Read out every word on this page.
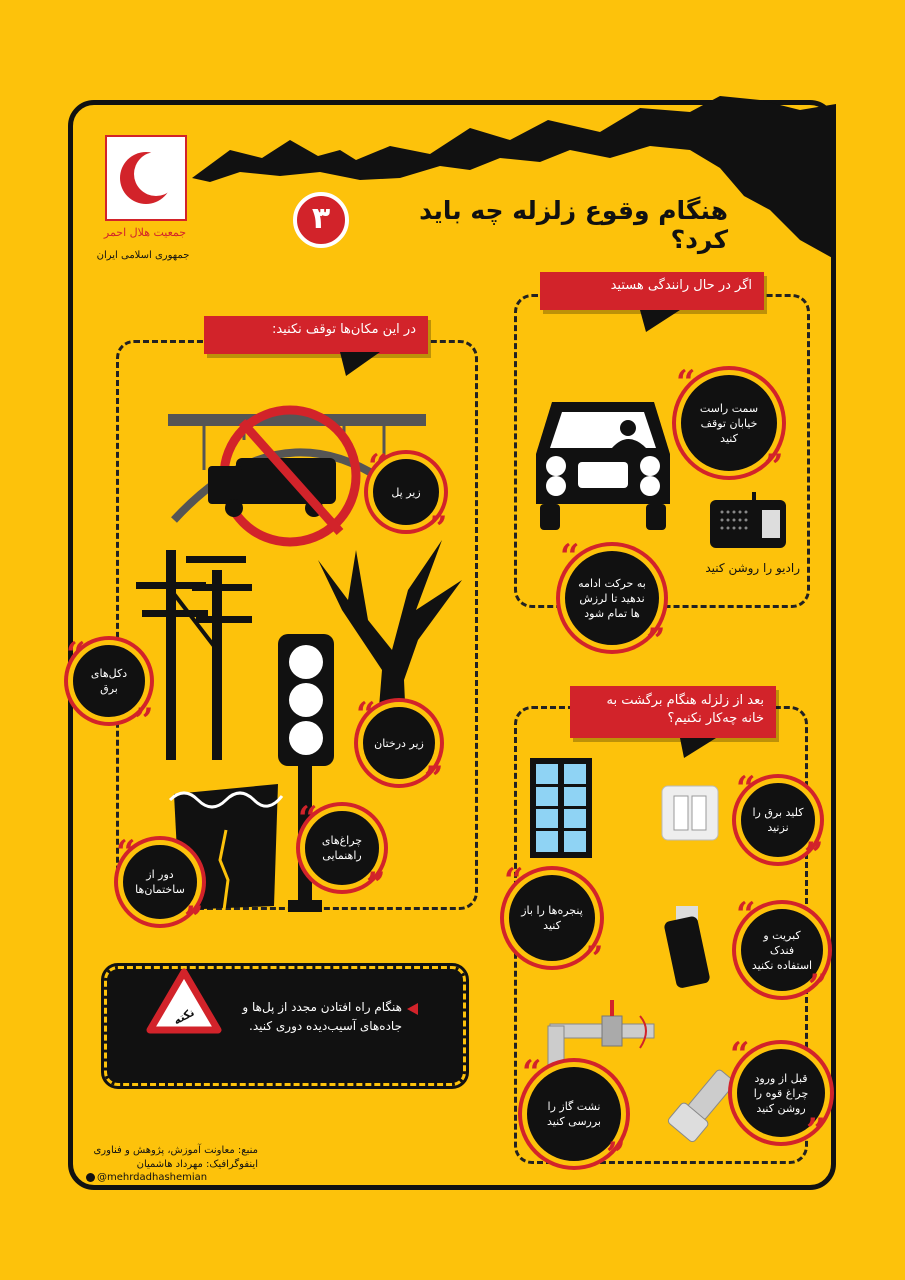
جمعیت هلال احمر
جمهوری اسلامی ایران
۳	هنگام وقوع زلزله چه باید کرد؟
در این مکان‌ها توقف نکنید:
زیر پل
“
”
دکل‌های برق
“
”
زیر درختان
“
”
چراغ‌های راهنمایی
“
”
دور از ساختمان‌ها
“
”
اگر در حال رانندگی هستید
رادیو را روشن کنید
سمت راست خیابان توقف کنید
“
”
به حرکت ادامه ندهید تا لرزش ها تمام شود
“
”
بعد از زلزله هنگام برگشت به خانه چه‌کار نکنیم؟
پنجره‌ها را باز کنید
“
”
کلید برق را نزنید
“
”
کبریت و فندک استفاده نکنید
“
”
نشت گاز را بررسی کنید
“
”
قبل از ورود چراغ قوه را روشن کنید
“
”
نکته	هنگام راه افتادن مجدد از پل‌ها و جاده‌های آسیب‌دیده دوری کنید.
منبع: معاونت آموزش، پژوهش و فناوری
اینفوگرافیک: مهرداد هاشمیان
@mehrdadhashemian
